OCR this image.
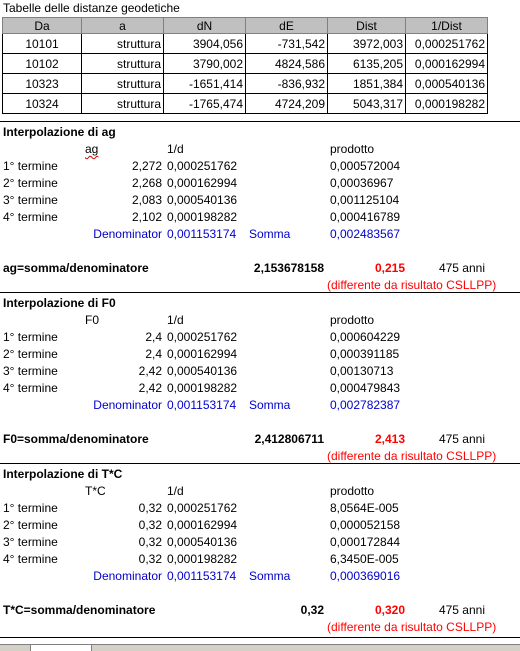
Tabelle delle distanze geodetiche
Da	a	dN	dE	Dist	1/Dist
10101	struttura	3904,056	-731,542	3972,003 0,000251762
10102	struttura	3790,002	4824,586	6135,205 0,000162994
10323	struttura	-1651,414	-836,932	1851,384 0,000540136
10324	struttura	-1765,474	4724,209	5043,317 0,000198282
Interpolazione di ag
ag	1/d	prodotto
1° termine	2,272 0,000251762	0,000572004
2° termine	2,268 0,000162994	0,00036967
3° termine	2,083 0,000540136	0,001125104
4° termine	2,102 0,000198282	0,000416789
Denominator 0,001153174	Somma	0,002483567
ag=somma/denominatore	2,153678158	0,215	475 anni
(differente da risultato CSLLPP)
Interpolazione di F0
F0	1/d	prodotto
1° termine	2,4 0,000251762	0,000604229
2° termine	2,4 0,000162994	0,000391185
3° termine	2,42 0,000540136	0,00130713
4° termine	2,42 0,000198282	0,000479843
Denominator 0,001153174	Somma	0,002782387
F0=somma/denominatore	2,412806711	2,413	475 anni
(differente da risultato CSLLPP)
Interpolazione di T*C
T*C	1/d	prodotto
1° termine	0,32 0,000251762	8,0564E-005
2° termine	0,32 0,000162994	0,000052158
3° termine	0,32 0,000540136	0,000172844
4° termine	0,32 0,000198282	6,3450E-005
Denominator 0,001153174	Somma	0,000369016
T*C=somma/denominatore	0,32	0,320	475 anni
(differente da risultato CSLLPP)
